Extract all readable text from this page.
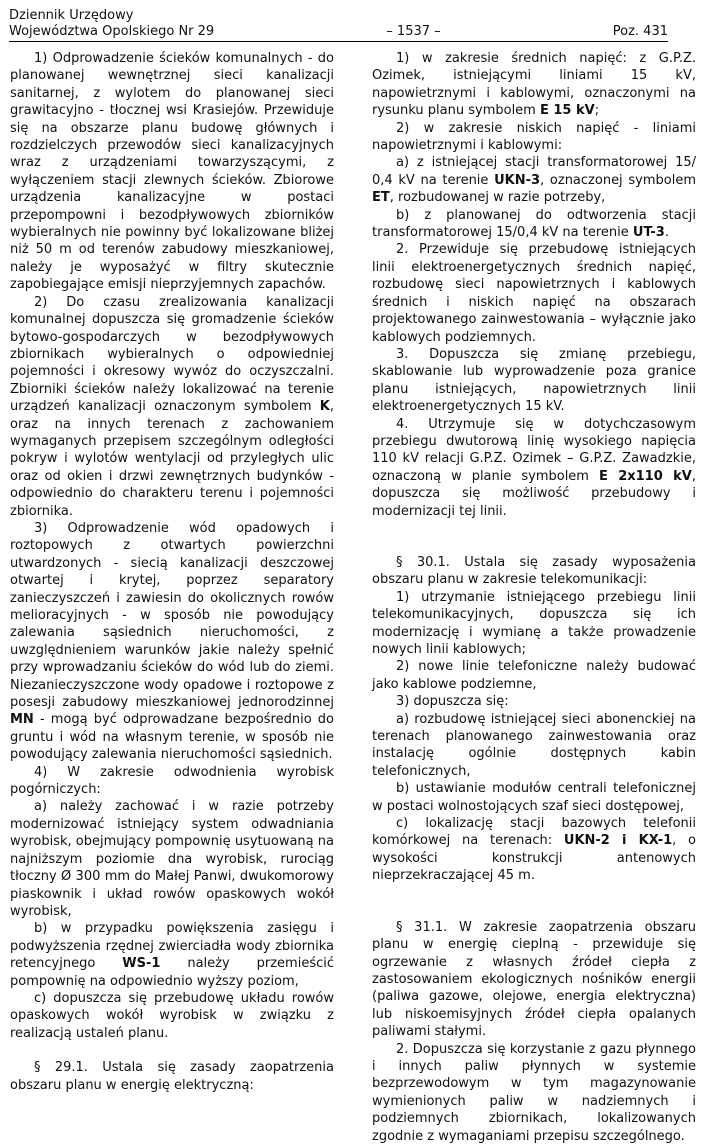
Dziennik Urzędowy
Województwa Opolskiego Nr 29	– 1537 –	Poz. 431

1) Odprowadzenie ścieków komunalnych - do planowanej wewnętrznej sieci kanalizacji sanitarnej, z wylotem do planowanej sieci grawitacyjno - tłocznej wsi Krasiejów. Przewiduje się na obszarze planu budowę głównych i rozdzielczych przewodów sieci kanalizacyjnych wraz z urządzeniami towarzyszącymi, z wyłączeniem stacji zlewnych ścieków. Zbiorowe urządzenia kanalizacyjne w postaci przepompowni i bezodpływowych zbiorników wybieralnych nie powinny być lokalizowane bliżej niż 50 m od terenów zabudowy mieszkaniowej, należy je wyposażyć w filtry skutecznie zapobiegające emisji nieprzyjemnych zapachów.

2) Do czasu zrealizowania kanalizacji komunalnej dopuszcza się gromadzenie ścieków bytowo-gospodarczych w bezodpływowych zbiornikach wybieralnych o odpowiedniej pojemności i okresowy wywóz do oczyszczalni. Zbiorniki ścieków należy lokalizować na terenie urządzeń kanalizacji oznaczonym symbolem K, oraz na innych terenach z zachowaniem wymaganych przepisem szczególnym odległości pokryw i wylotów wentylacji od przyległych ulic oraz od okien i drzwi zewnętrznych budynków - odpowiednio do charakteru terenu i pojemności zbiornika.

3) Odprowadzenie wód opadowych i roztopowych z otwartych powierzchni utwardzonych - siecią kanalizacji deszczowej otwartej i krytej, poprzez separatory zanieczyszczeń i zawiesin do okolicznych rowów melioracyjnych - w sposób nie powodujący zalewania sąsiednich nieruchomości, z uwzględnieniem warunków jakie należy spełnić przy wprowadzaniu ścieków do wód lub do ziemi. Niezanieczyszczone wody opadowe i roztopowe z posesji zabudowy mieszkaniowej jednorodzinnej MN - mogą być odprowadzane bezpośrednio do gruntu i wód na własnym terenie, w sposób nie powodujący zalewania nieruchomości sąsiednich.

4) W zakresie odwodnienia wyrobisk pogórniczych:

a) należy zachować i w razie potrzeby modernizować istniejący system odwadniania wyrobisk, obejmujący pompownię usytuowaną na najniższym poziomie dna wyrobisk, rurociąg tłoczny Ø 300 mm do Małej Panwi, dwukomorowy piaskownik i układ rowów opaskowych wokół wyrobisk,

b) w przypadku powiększenia zasięgu i podwyższenia rzędnej zwierciadła wody zbiornika retencyjnego WS-1 należy przemieścić pompownię na odpowiednio wyższy poziom,

c) dopuszcza się przebudowę układu rowów opaskowych wokół wyrobisk w związku z realizacją ustaleń planu.

§ 29.1. Ustala się zasady zaopatrzenia obszaru planu w energię elektryczną:

1) w zakresie średnich napięć: z G.P.Z. Ozimek, istniejącymi liniami 15 kV, napowietrznymi i kablowymi, oznaczonymi na rysunku planu symbolem E 15 kV;

2) w zakresie niskich napięć - liniami napowietrznymi i kablowymi:

a) z istniejącej stacji transformatorowej 15/ 0,4 kV na terenie UKN-3, oznaczonej symbolem ET, rozbudowanej w razie potrzeby,

b) z planowanej do odtworzenia stacji transformatorowej 15/0,4 kV na terenie UT-3.

2. Przewiduje się przebudowę istniejących linii elektroenergetycznych średnich napięć, rozbudowę sieci napowietrznych i kablowych średnich i niskich napięć na obszarach projektowanego zainwestowania – wyłącznie jako kablowych podziemnych.

3. Dopuszcza się zmianę przebiegu, skablowanie lub wyprowadzenie poza granice planu istniejących, napowietrznych linii elektroenergetycznych 15 kV.

4. Utrzymuje się w dotychczasowym przebiegu dwutorową linię wysokiego napięcia 110 kV relacji G.P.Z. Ozimek – G.P.Z. Zawadzkie, oznaczoną w planie symbolem E 2x110 kV, dopuszcza się możliwość przebudowy i modernizacji tej linii.

§ 30.1. Ustala się zasady wyposażenia obszaru planu w zakresie telekomunikacji:

1) utrzymanie istniejącego przebiegu linii telekomunikacyjnych, dopuszcza się ich modernizację i wymianę a także prowadzenie nowych linii kablowych;

2) nowe linie telefoniczne należy budować jako kablowe podziemne,

3) dopuszcza się:

a) rozbudowę istniejącej sieci abonenckiej na terenach planowanego zainwestowania oraz instalację ogólnie dostępnych kabin telefonicznych,

b) ustawianie modułów centrali telefonicznej w postaci wolnostojących szaf sieci dostępowej,

c) lokalizację stacji bazowych telefonii komórkowej na terenach: UKN-2 i KX-1, o wysokości konstrukcji antenowych nieprzekraczającej 45 m.

§ 31.1. W zakresie zaopatrzenia obszaru planu w energię cieplną - przewiduje się ogrzewanie z własnych źródeł ciepła z zastosowaniem ekologicznych nośników energii (paliwa gazowe, olejowe, energia elektryczna) lub niskoemisyjnych źródeł ciepła opalanych paliwami stałymi.

2. Dopuszcza się korzystanie z gazu płynnego i innych paliw płynnych w systemie bezprzewodowym w tym magazynowanie wymienionych paliw w nadziemnych i podziemnych zbiornikach, lokalizowanych zgodnie z wymaganiami przepisu szczególnego.
